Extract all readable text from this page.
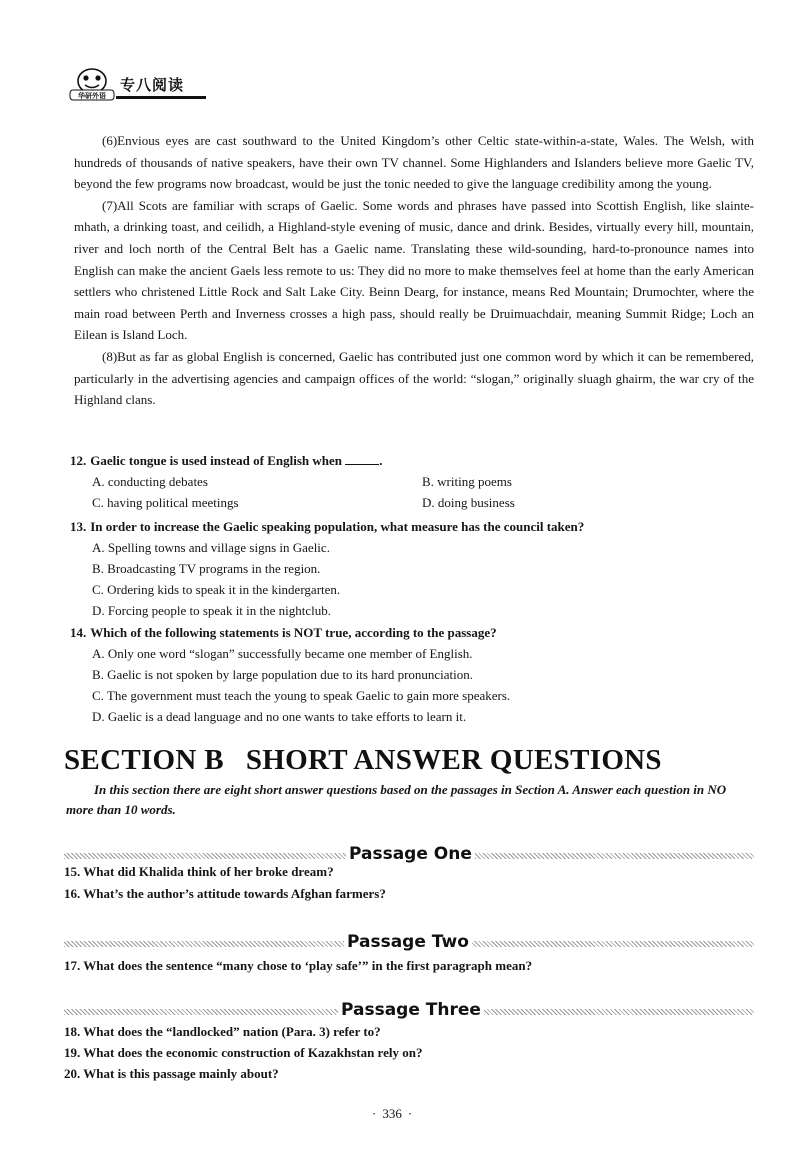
华研外语
专八阅读

(6)Envious eyes are cast southward to the United Kingdom’s other Celtic state-within-a-state, Wales. The Welsh, with hundreds of thousands of native speakers, have their own TV channel. Some Highlanders and Islanders believe more Gaelic TV, beyond the few programs now broadcast, would be just the tonic needed to give the language credibility among the young.

(7)All Scots are familiar with scraps of Gaelic. Some words and phrases have passed into Scottish English, like slainte-mhath, a drinking toast, and ceilidh, a Highland-style evening of music, dance and drink. Besides, virtually every hill, mountain, river and loch north of the Central Belt has a Gaelic name. Translating these wild-sounding, hard-to-pronounce names into English can make the ancient Gaels less remote to us: They did no more to make themselves feel at home than the early American settlers who christened Little Rock and Salt Lake City. Beinn Dearg, for instance, means Red Mountain; Drumochter, where the main road between Perth and Inverness crosses a high pass, should really be Druimuachdair, meaning Summit Ridge; Loch an Eilean is Island Loch.

(8)But as far as global English is concerned, Gaelic has contributed just one common word by which it can be remembered, particularly in the advertising agencies and campaign offices of the world: “slogan,” originally sluagh ghairm, the war cry of the Highland clans.

12. Gaelic tongue is used instead of English when	.

A. conducting debates	B. writing poems

C. having political meetings	D. doing business

13. In order to increase the Gaelic speaking population, what measure has the council taken?

A. Spelling towns and village signs in Gaelic.

B. Broadcasting TV programs in the region.

C. Ordering kids to speak it in the kindergarten.

D. Forcing people to speak it in the nightclub.

14. Which of the following statements is NOT true, according to the passage?

A. Only one word “slogan” successfully became one member of English.

B. Gaelic is not spoken by large population due to its hard pronunciation.

C. The government must teach the young to speak Gaelic to gain more speakers.

D. Gaelic is a dead language and no one wants to take efforts to learn it.

SECTION B SHORT ANSWER QUESTIONS
In this section there are eight short answer questions based on the passages in Section A. Answer each question in NO more than 10 words.
Passage One

15. What did Khalida think of her broke dream?

16. What’s the author’s attitude towards Afghan farmers?

Passage Two

17. What does the sentence “many chose to ‘play safe’” in the first paragraph mean?

Passage Three

18. What does the “landlocked” nation (Para. 3) refer to?

19. What does the economic construction of Kazakhstan rely on?

20. What is this passage mainly about?

· 336 ·
